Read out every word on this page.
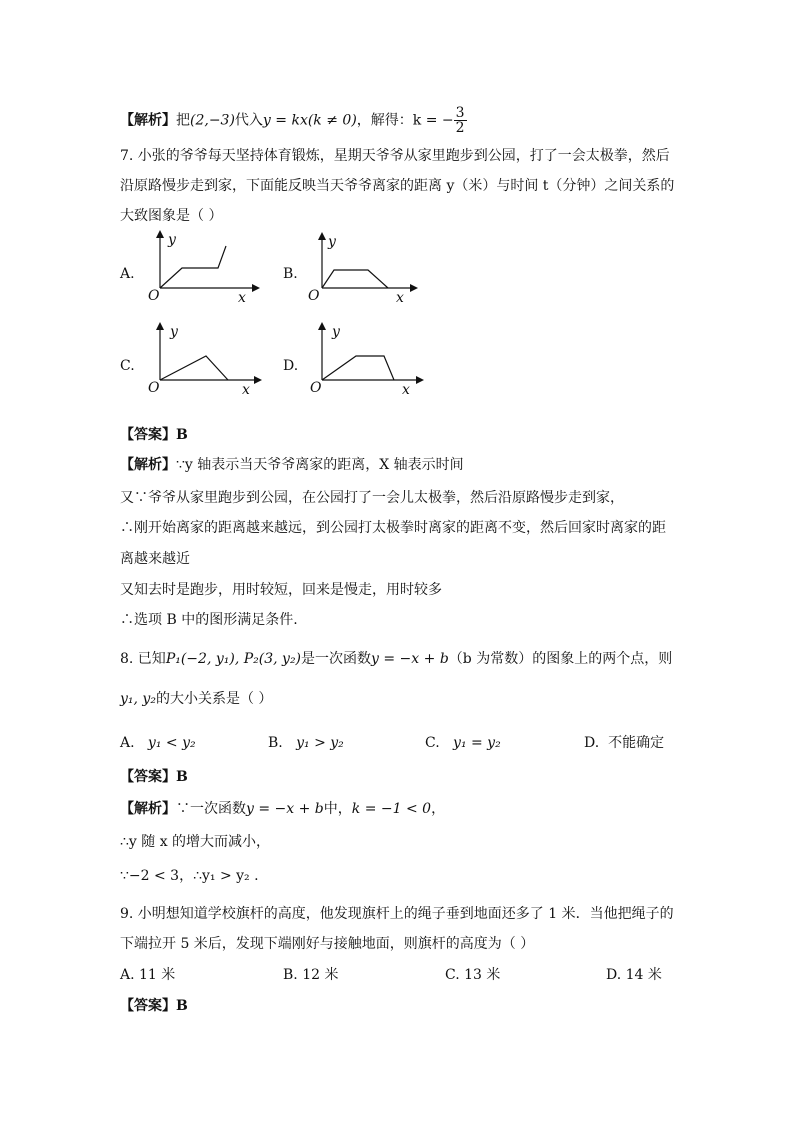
【解析】把(2,−3)代入y = kx(k ≠ 0)，解得：k = − $\frac{3}{2}$
7. 小张的爷爷每天坚持体育锻炼，星期天爷爷从家里跑步到公园，打了一会太极拳，然后
沿原路慢步走到家，下面能反映当天爷爷离家的距离 y（米）与时间 t（分钟）之间关系的
大致图象是（ ）
A.
y
x
O
B.
y
x
O
C.
y
x
O
D.
y
x
O
【答案】B
【解析】∵y 轴表示当天爷爷离家的距离，X 轴表示时间
又∵爷爷从家里跑步到公园，在公园打了一会儿太极拳，然后沿原路慢步走到家，
∴刚开始离家的距离越来越远，到公园打太极拳时离家的距离不变，然后回家时离家的距
离越来越近
又知去时是跑步，用时较短，回来是慢走，用时较多
∴选项 B 中的图形满足条件.
8. 已知P₁(−2, y₁), P₂(3, y₂)是一次函数y = −x + b（b 为常数）的图象上的两个点，则
y₁, y₂的大小关系是（ ）
A. y₁ < y₂	B. y₁ > y₂	C. y₁ = y₂	D. 不能确定
【答案】B
【解析】∵一次函数y = −x + b中，k = −1 < 0，
∴y 随 x 的增大而减小，
∵−2 < 3，∴y₁ > y₂ .
9. 小明想知道学校旗杆的高度，他发现旗杆上的绳子垂到地面还多了 1 米．当他把绳子的
下端拉开 5 米后，发现下端刚好与接触地面，则旗杆的高度为（ ）
A. 11 米	B. 12 米	C. 13 米	D. 14 米
【答案】B
